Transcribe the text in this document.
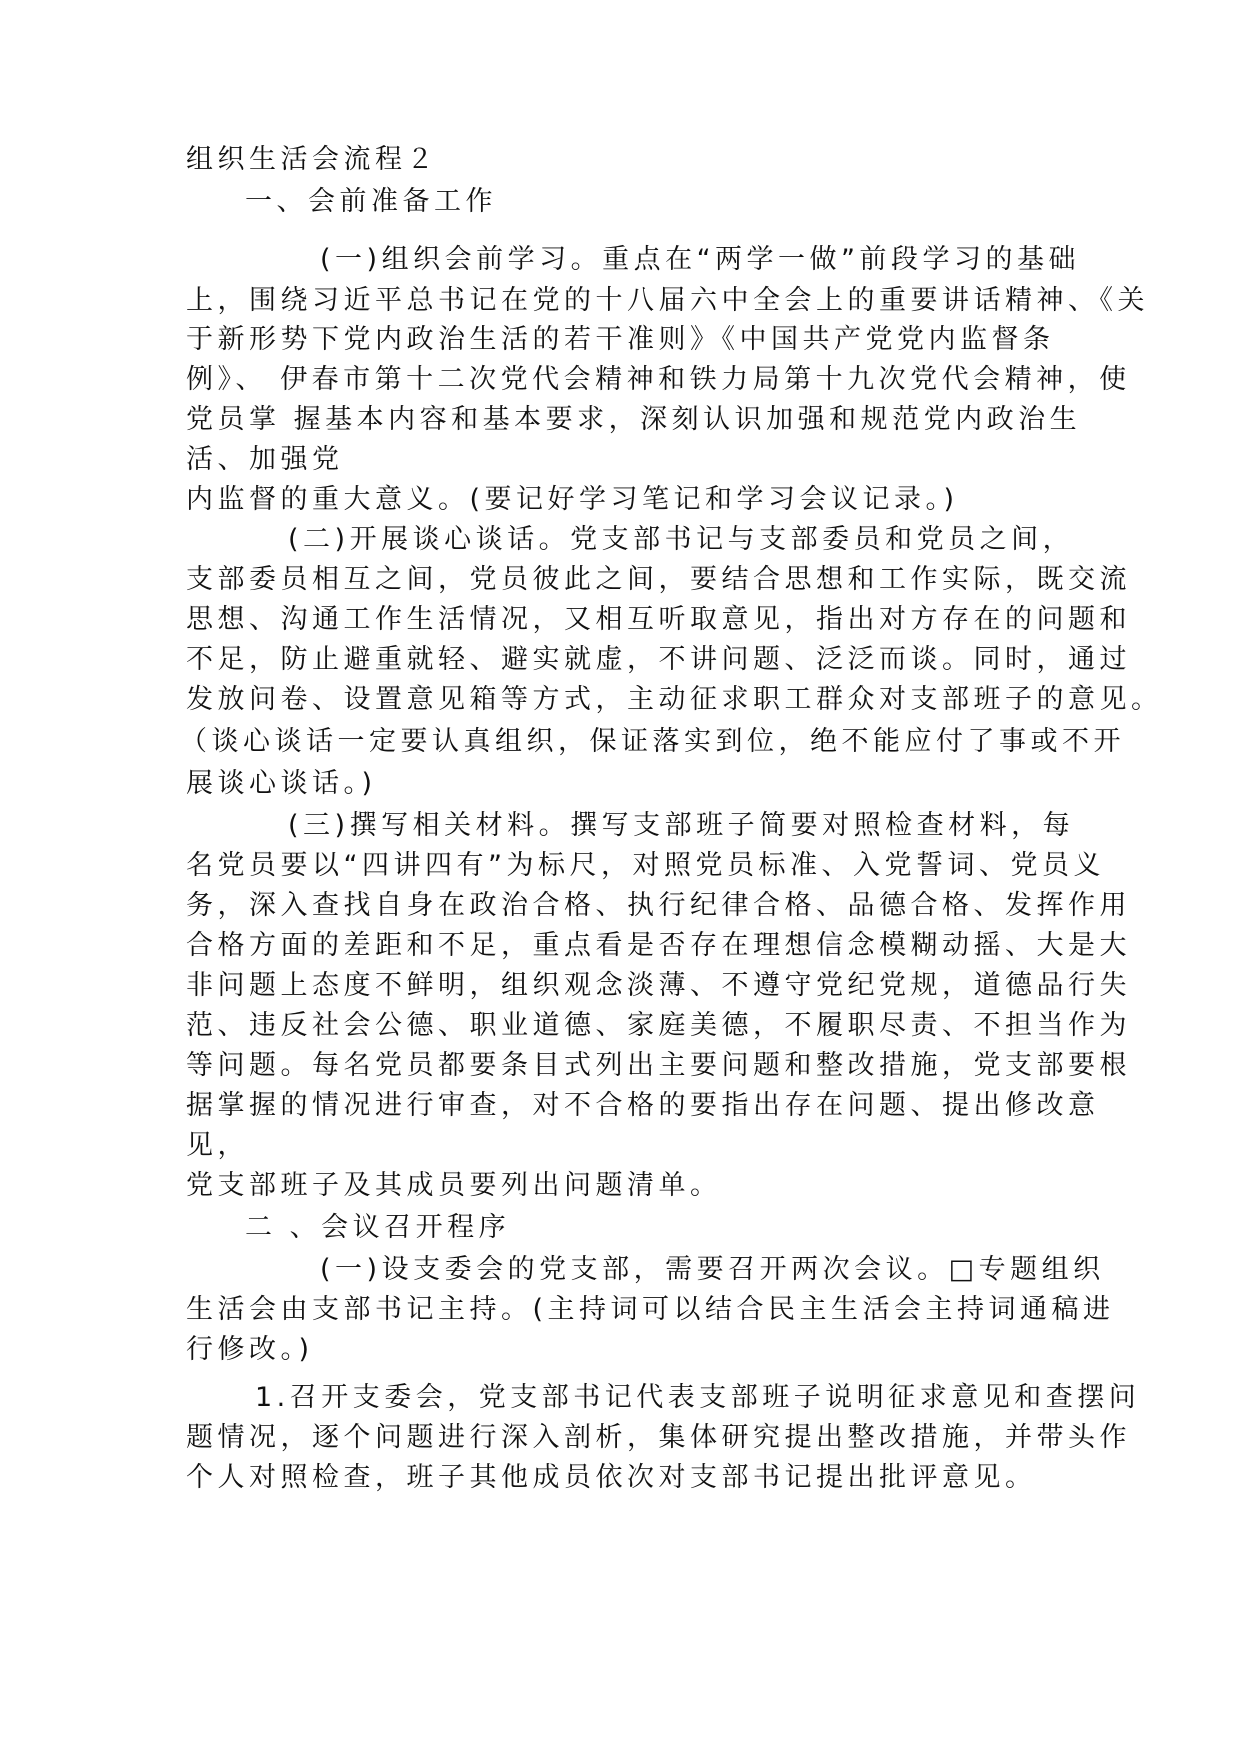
组织生活会流程２
一、会前准备工作
(一)组织会前学习。重点在“两学一做”前段学习的基础
上，围绕习近平总书记在党的十八届六中全会上的重要讲话精神、《关
于新形势下党内政治生活的若干准则》《中国共产党党内监督条
例》、 伊春市第十二次党代会精神和铁力局第十九次党代会精神，使
党员掌 握基本内容和基本要求，深刻认识加强和规范党内政治生
活、加强党
内监督的重大意义。(要记好学习笔记和学习会议记录。)
(二)开展谈心谈话。党支部书记与支部委员和党员之间，
支部委员相互之间，党员彼此之间，要结合思想和工作实际，既交流
思想、沟通工作生活情况，又相互听取意见，指出对方存在的问题和
不足，防止避重就轻、避实就虚，不讲问题、泛泛而谈。同时，通过
发放问卷、设置意见箱等方式，主动征求职工群众对支部班子的意见。
（谈心谈话一定要认真组织，保证落实到位，绝不能应付了事或不开
展谈心谈话。)
(三)撰写相关材料。撰写支部班子简要对照检查材料，每
名党员要以“四讲四有”为标尺，对照党员标准、入党誓词、党员义
务，深入查找自身在政治合格、执行纪律合格、品德合格、发挥作用
合格方面的差距和不足，重点看是否存在理想信念模糊动摇、大是大
非问题上态度不鲜明，组织观念淡薄、不遵守党纪党规，道德品行失
范、违反社会公德、职业道德、家庭美德，不履职尽责、不担当作为
等问题。每名党员都要条目式列出主要问题和整改措施，党支部要根
据掌握的情况进行审查，对不合格的要指出存在问题、提出修改意
见，
党支部班子及其成员要列出问题清单。
二 、会议召开程序
(一)设支委会的党支部，需要召开两次会议。□专题组织
生活会由支部书记主持。(主持词可以结合民主生活会主持词通稿进
行修改。)
1.召开支委会，党支部书记代表支部班子说明征求意见和查摆问
题情况，逐个问题进行深入剖析，集体研究提出整改措施，并带头作
个人对照检查，班子其他成员依次对支部书记提出批评意见。
